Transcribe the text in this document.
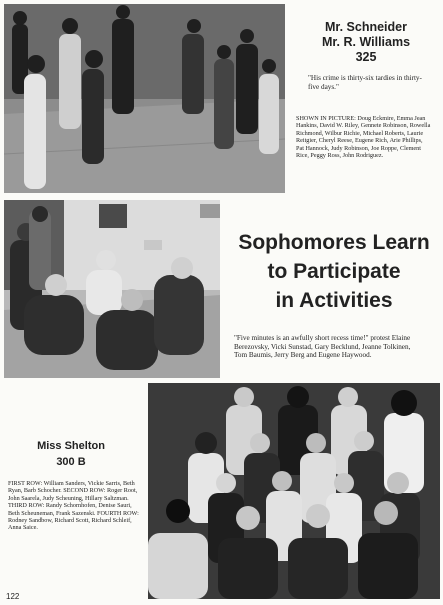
Mr. Schneider
Mr. R. Williams
325
"His crime is thirty-six tardies in thirty-five days."
SHOWN IN PICTURE: Doug Eckmire, Emma Jean Hankins, David W. Riley, Gennete Robinson, Rowella Richmond, Wilbur Richie, Michael Roberts, Laurie Reitgier, Cheryl Reese, Eugene Rich, Arie Phillips, Pat Hannock, Judy Robinson, Joe Roppe, Clement Rice, Peggy Ross, John Rodriguez.
Sophomores Learn
to Participate
in Activities
"Five minutes is an awfully short recess time!" protest Elaine Berezovsky, Vicki Sunstad, Gary Becklund, Jeanne Tolkinen, Tom Baumis, Jerry Berg and Eugene Haywood.
Miss Shelton
300 B
FIRST ROW: William Sanders, Vickie Sarris, Beth Ryan, Barb Schocher. SECOND ROW: Roger Root, John Saarela, Judy Scheuning, Hillary Saltzman. THIRD ROW: Randy Schornhofen, Denise Sauri, Beth Scheuneman, Frank Sazenski. FOURTH ROW: Rodney Sandbow, Richard Scott, Richard Schleif, Anna Saice.
122
